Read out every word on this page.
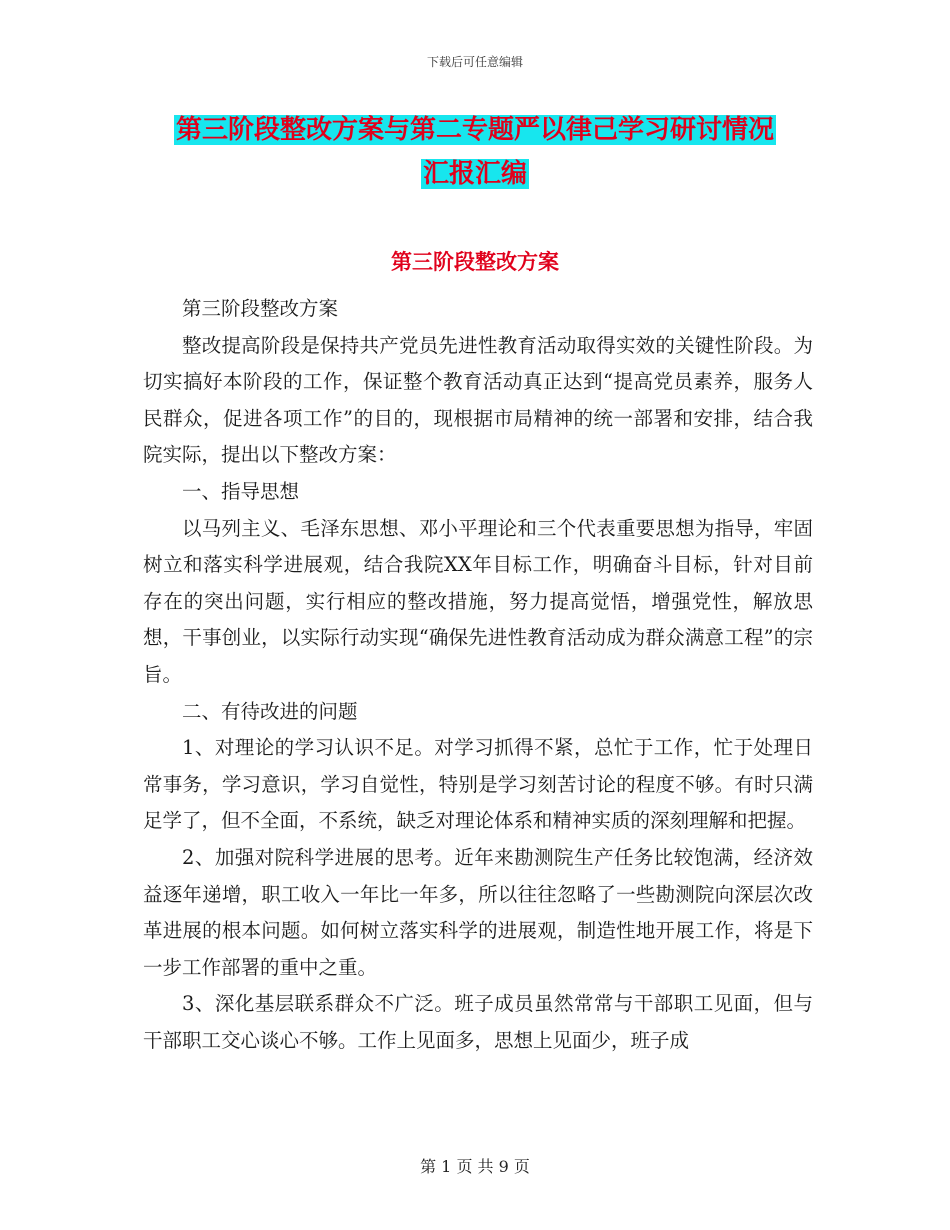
下载后可任意编辑
第三阶段整改方案与第二专题严以律己学习研讨情况
汇报汇编
第三阶段整改方案

第三阶段整改方案

整改提高阶段是保持共产党员先进性教育活动取得实效的关键性阶段。为切实搞好本阶段的工作，保证整个教育活动真正达到“提高党员素养，服务人民群众，促进各项工作”的目的，现根据市局精神的统一部署和安排，结合我院实际，提出以下整改方案：

一、指导思想

以马列主义、毛泽东思想、邓小平理论和三个代表重要思想为指导，牢固树立和落实科学进展观，结合我院XX年目标工作，明确奋斗目标，针对目前存在的突出问题，实行相应的整改措施，努力提高觉悟，增强党性，解放思想，干事创业，以实际行动实现“确保先进性教育活动成为群众满意工程”的宗旨。

二、有待改进的问题

1、对理论的学习认识不足。对学习抓得不紧，总忙于工作，忙于处理日常事务，学习意识，学习自觉性，特别是学习刻苦讨论的程度不够。有时只满足学了，但不全面，不系统，缺乏对理论体系和精神实质的深刻理解和把握。

2、加强对院科学进展的思考。近年来勘测院生产任务比较饱满，经济效益逐年递增，职工收入一年比一年多，所以往往忽略了一些勘测院向深层次改革进展的根本问题。如何树立落实科学的进展观，制造性地开展工作，将是下一步工作部署的重中之重。

3、深化基层联系群众不广泛。班子成员虽然常常与干部职工见面，但与干部职工交心谈心不够。工作上见面多，思想上见面少，班子成

第 1 页 共 9 页
